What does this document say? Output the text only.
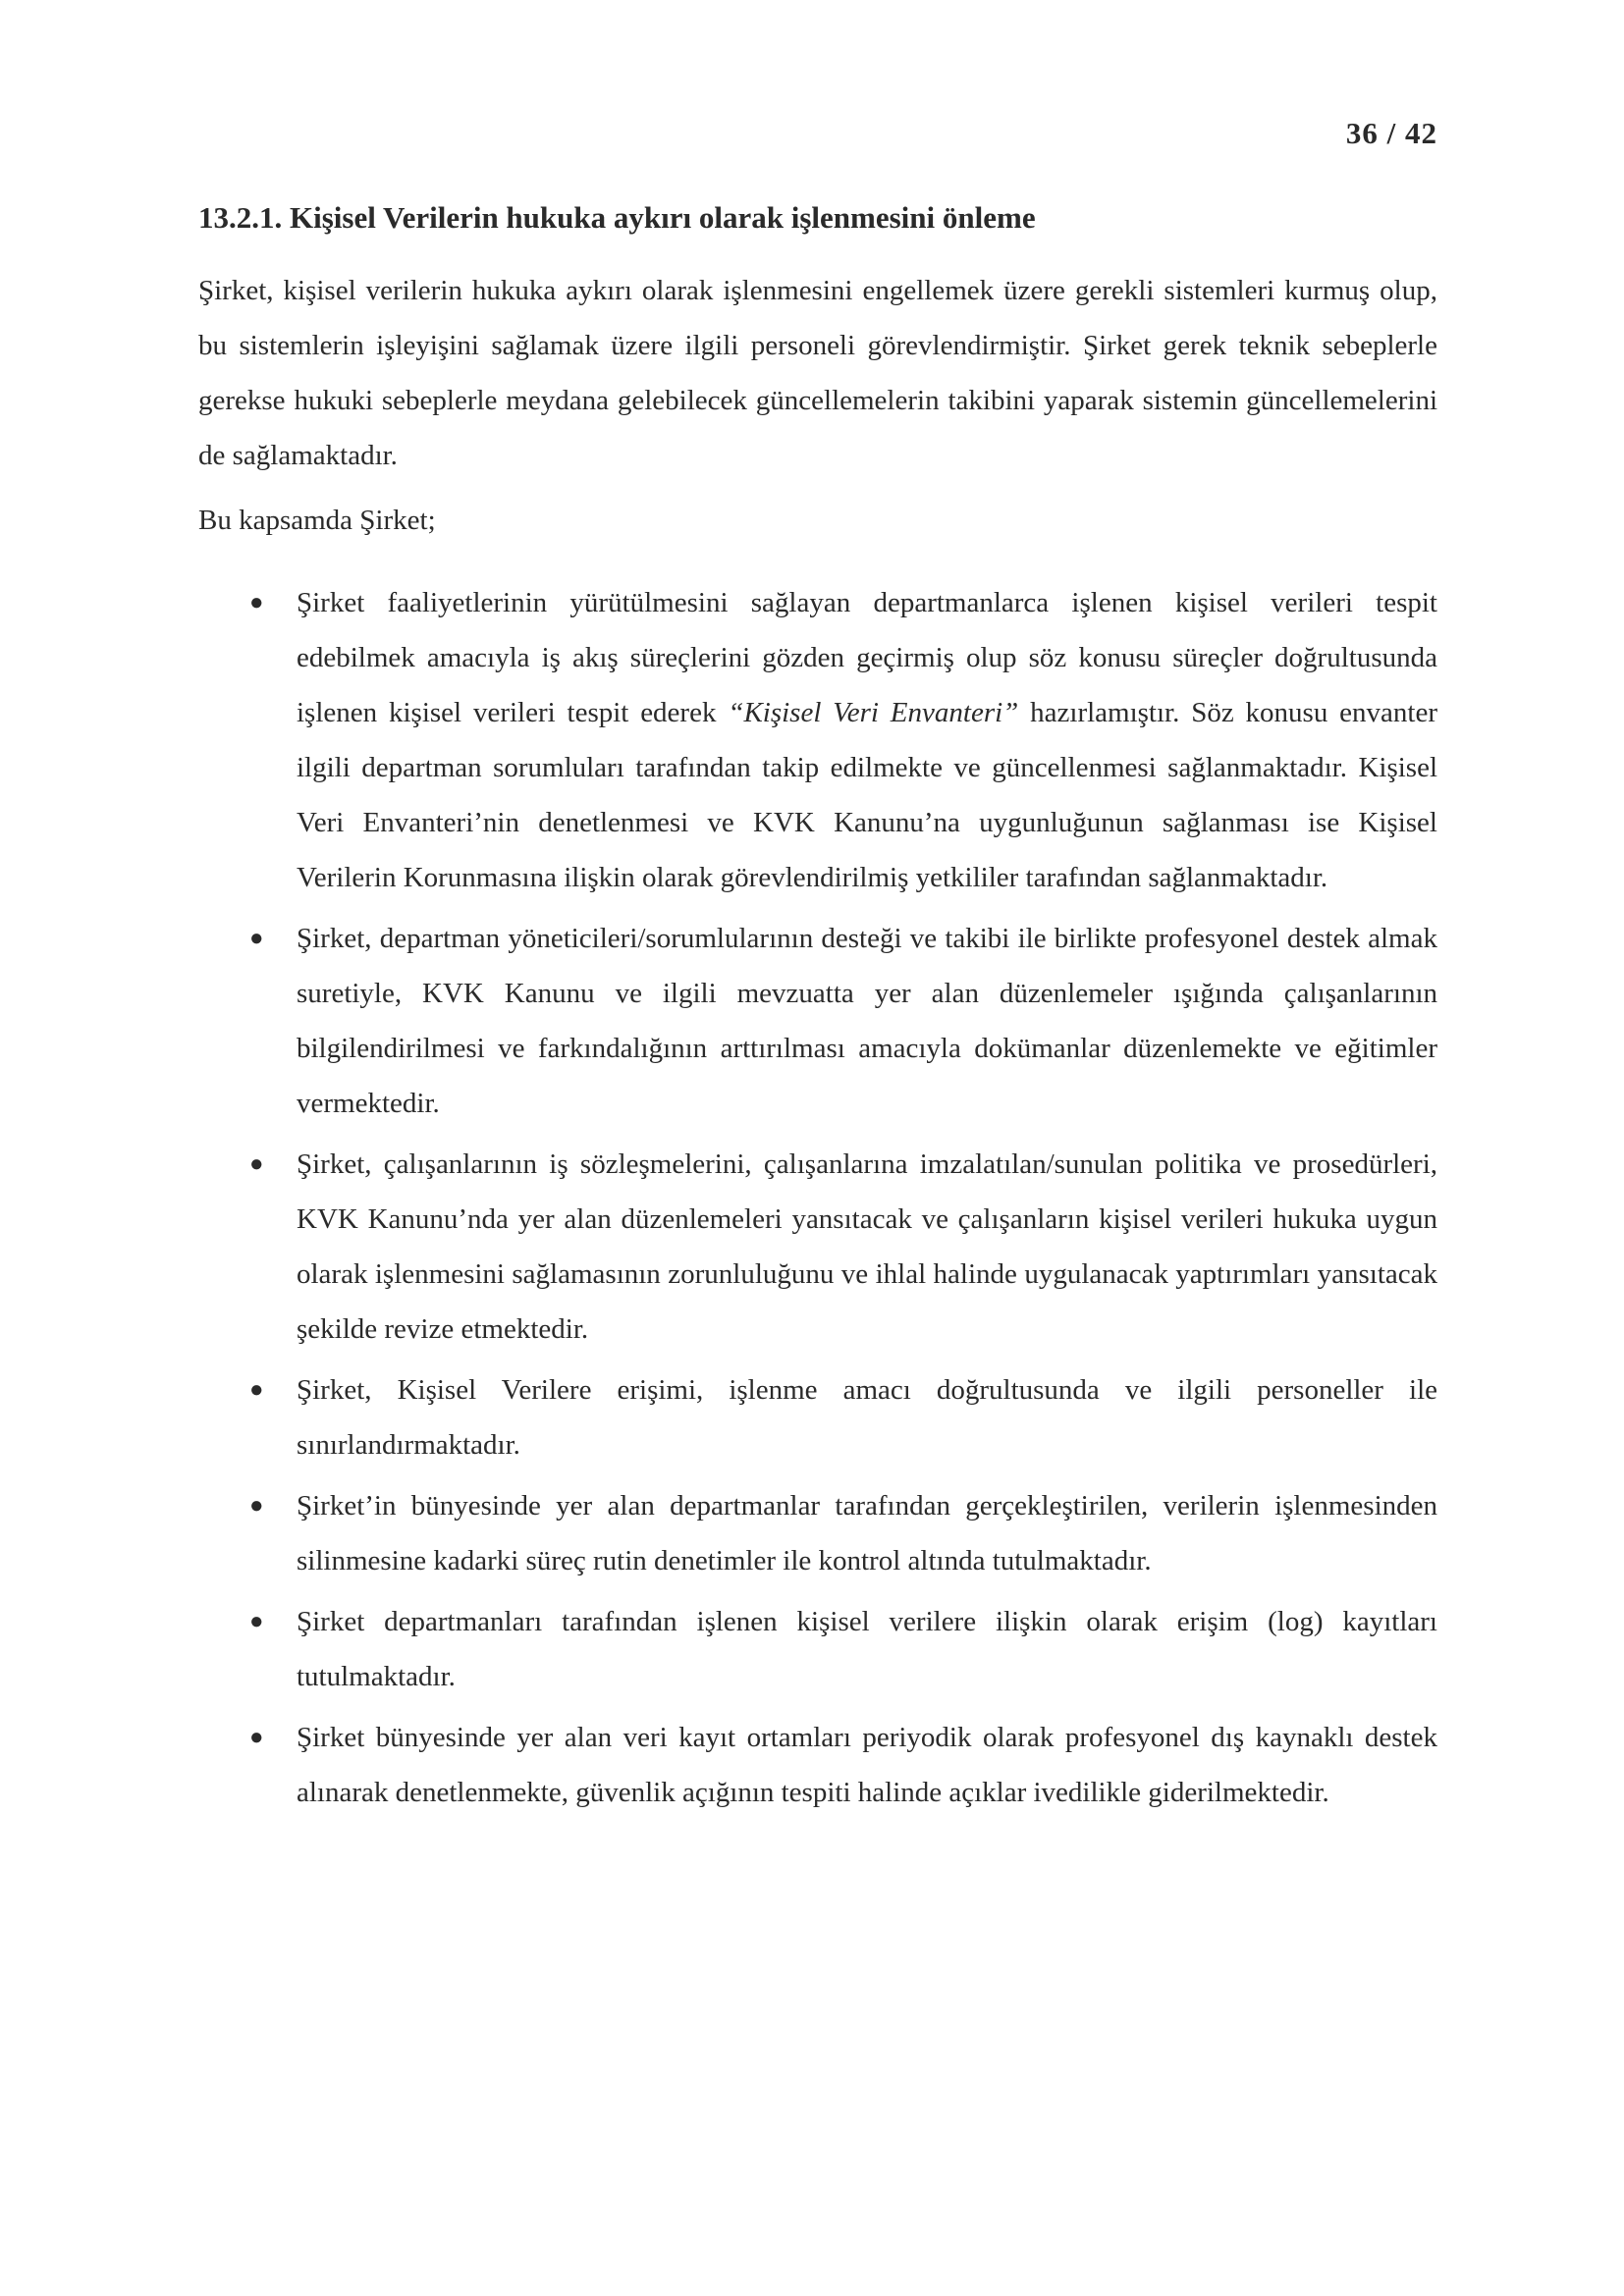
36 / 42
13.2.1. Kişisel Verilerin hukuka aykırı olarak işlenmesini önleme

Şirket, kişisel verilerin hukuka aykırı olarak işlenmesini engellemek üzere gerekli sistemleri kurmuş olup, bu sistemlerin işleyişini sağlamak üzere ilgili personeli görevlendirmiştir. Şirket gerek teknik sebeplerle gerekse hukuki sebeplerle meydana gelebilecek güncellemelerin takibini yaparak sistemin güncellemelerini de sağlamaktadır.

Bu kapsamda Şirket;

● Şirket faaliyetlerinin yürütülmesini sağlayan departmanlarca işlenen kişisel verileri tespit edebilmek amacıyla iş akış süreçlerini gözden geçirmiş olup söz konusu süreçler doğrultusunda işlenen kişisel verileri tespit ederek “Kişisel Veri Envanteri” hazırlamıştır. Söz konusu envanter ilgili departman sorumluları tarafından takip edilmekte ve güncellenmesi sağlanmaktadır. Kişisel Veri Envanteri’nin denetlenmesi ve KVK Kanunu’na uygunluğunun sağlanması ise Kişisel Verilerin Korunmasına ilişkin olarak görevlendirilmiş yetkililer tarafından sağlanmaktadır.
● Şirket, departman yöneticileri/sorumlularının desteği ve takibi ile birlikte profesyonel destek almak suretiyle, KVK Kanunu ve ilgili mevzuatta yer alan düzenlemeler ışığında çalışanlarının bilgilendirilmesi ve farkındalığının arttırılması amacıyla dokümanlar düzenlemekte ve eğitimler vermektedir.
● Şirket, çalışanlarının iş sözleşmelerini, çalışanlarına imzalatılan/sunulan politika ve prosedürleri, KVK Kanunu’nda yer alan düzenlemeleri yansıtacak ve çalışanların kişisel verileri hukuka uygun olarak işlenmesini sağlamasının zorunluluğunu ve ihlal halinde uygulanacak yaptırımları yansıtacak şekilde revize etmektedir.
● Şirket, Kişisel Verilere erişimi, işlenme amacı doğrultusunda ve ilgili personeller ile sınırlandırmaktadır.
● Şirket’in bünyesinde yer alan departmanlar tarafından gerçekleştirilen, verilerin işlenmesinden silinmesine kadarki süreç rutin denetimler ile kontrol altında tutulmaktadır.
● Şirket departmanları tarafından işlenen kişisel verilere ilişkin olarak erişim (log) kayıtları tutulmaktadır.
● Şirket bünyesinde yer alan veri kayıt ortamları periyodik olarak profesyonel dış kaynaklı destek alınarak denetlenmekte, güvenlik açığının tespiti halinde açıklar ivedilikle giderilmektedir.
